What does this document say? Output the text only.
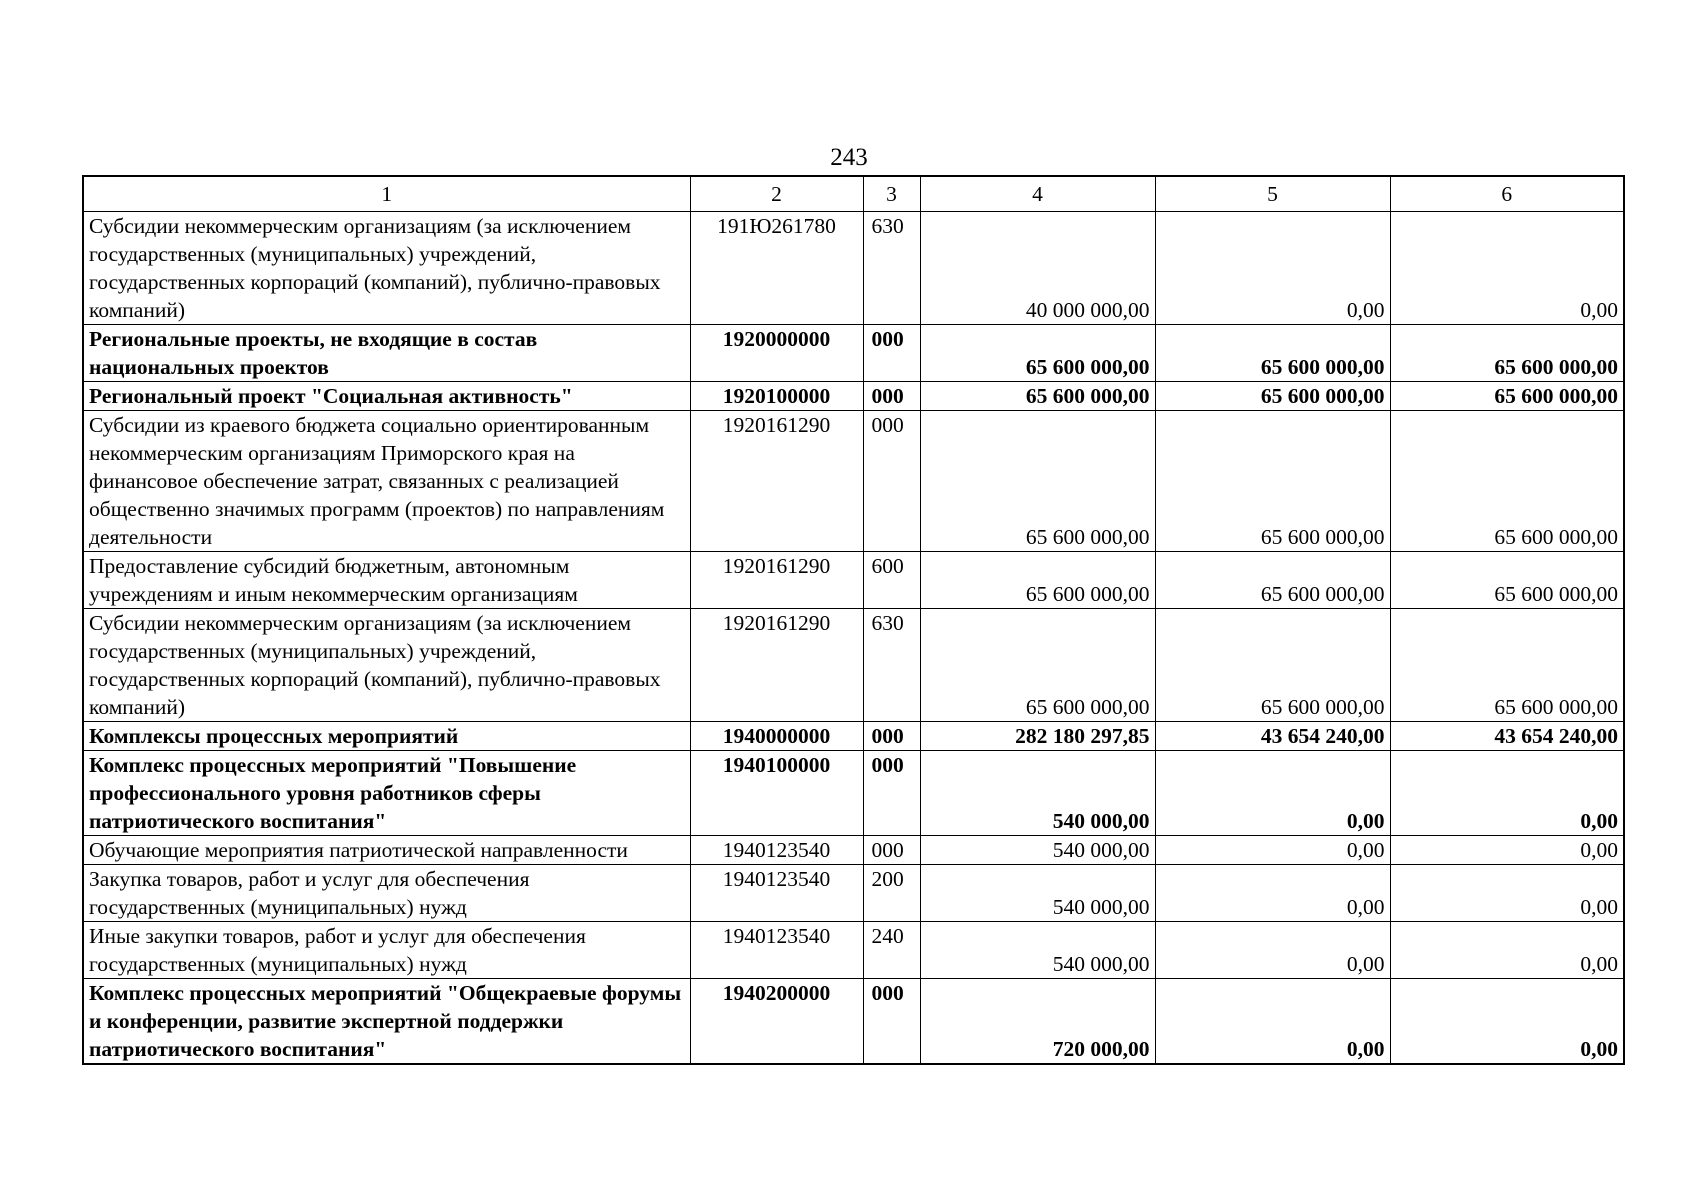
243
1	2	3	4	5	6
Субсидии некоммерческим организациям (за исключением государственных (муниципальных) учреждений, государственных корпораций (компаний), публично-правовых компаний)	191Ю261780	630	40 000 000,00	0,00	0,00
Региональные проекты, не входящие в состав национальных проектов	1920000000	000	65 600 000,00	65 600 000,00	65 600 000,00
Региональный проект "Социальная активность"	1920100000	000	65 600 000,00	65 600 000,00	65 600 000,00
Субсидии из краевого бюджета социально ориентированным некоммерческим организациям Приморского края на финансовое обеспечение затрат, связанных с реализацией общественно значимых программ (проектов) по направлениям деятельности	1920161290	000	65 600 000,00	65 600 000,00	65 600 000,00
Предоставление субсидий бюджетным, автономным учреждениям и иным некоммерческим организациям	1920161290	600	65 600 000,00	65 600 000,00	65 600 000,00
Субсидии некоммерческим организациям (за исключением государственных (муниципальных) учреждений, государственных корпораций (компаний), публично-правовых компаний)	1920161290	630	65 600 000,00	65 600 000,00	65 600 000,00
Комплексы процессных мероприятий	1940000000	000	282 180 297,85	43 654 240,00	43 654 240,00
Комплекс процессных мероприятий "Повышение профессионального уровня работников сферы патриотического воспитания"	1940100000	000	540 000,00	0,00	0,00
Обучающие мероприятия патриотической направленности	1940123540	000	540 000,00	0,00	0,00
Закупка товаров, работ и услуг для обеспечения государственных (муниципальных) нужд	1940123540	200	540 000,00	0,00	0,00
Иные закупки товаров, работ и услуг для обеспечения государственных (муниципальных) нужд	1940123540	240	540 000,00	0,00	0,00
Комплекс процессных мероприятий "Общекраевые форумы и конференции, развитие экспертной поддержки патриотического воспитания"	1940200000	000	720 000,00	0,00	0,00
